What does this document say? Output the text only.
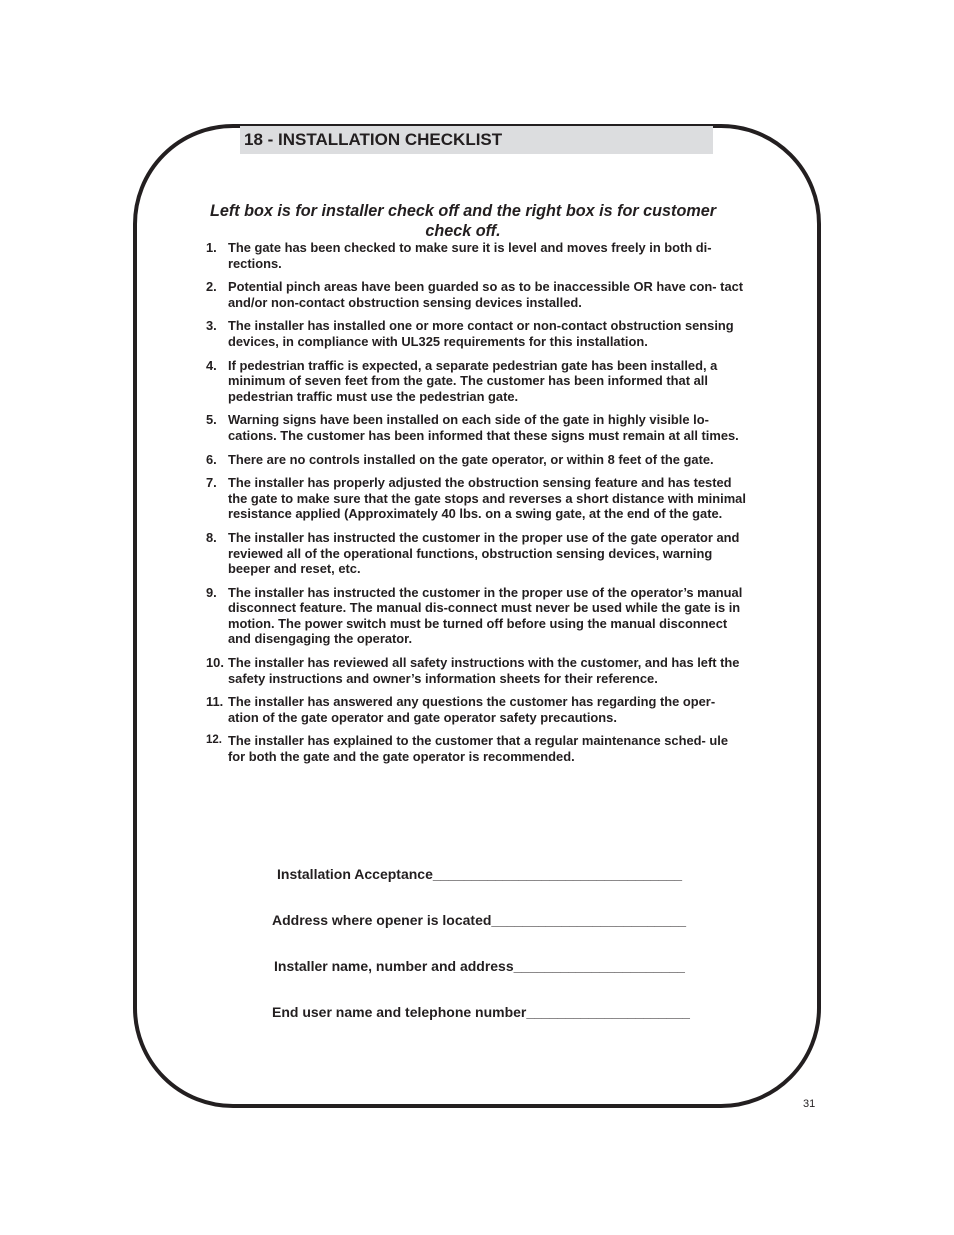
18 - INSTALLATION CHECKLIST
Left box is for installer check off and the right box is for customer check off.
1. The gate has been checked to make sure it is level and moves freely in both di- rections.
2. Potential pinch areas have been guarded so as to be inaccessible OR have con- tact and/or non-contact obstruction sensing devices installed.
3. The installer has installed one or more contact or non-contact obstruction sensing devices, in compliance with UL325 requirements for this installation.
4. If pedestrian traffic is expected, a separate pedestrian gate has been installed, a minimum of seven feet from the gate. The customer has been informed that all pedestrian traffic must use the pedestrian gate.
5. Warning signs have been installed on each side of the gate in highly visible lo- cations. The customer has been informed that these signs must remain at all times.
6. There are no controls installed on the gate operator, or within 8 feet of the gate.
7. The installer has properly adjusted the obstruction sensing feature and has tested the gate to make sure that the gate stops and reverses a short distance with minimal resistance applied (Approximately 40 lbs. on a swing gate, at the end of the gate.
8. The installer has instructed the customer in the proper use of the gate operator and reviewed all of the operational functions, obstruction sensing devices, warning beeper and reset, etc.
9. The installer has instructed the customer in the proper use of the operator’s manual disconnect feature. The manual dis-connect must never be used while the gate is in motion. The power switch must be turned off before using the manual disconnect and disengaging the operator.
10. The installer has reviewed all safety instructions with the customer, and has left the safety instructions and owner’s information sheets for their reference.
11. The installer has answered any questions the customer has regarding the oper- ation of the gate operator and gate operator safety precautions.
12. The installer has explained to the customer that a regular maintenance sched- ule for both the gate and the gate operator is recommended.
Installation Acceptance________________________________
Address where opener is located_________________________
Installer name, number and address______________________
End user name and telephone number_____________________
31
